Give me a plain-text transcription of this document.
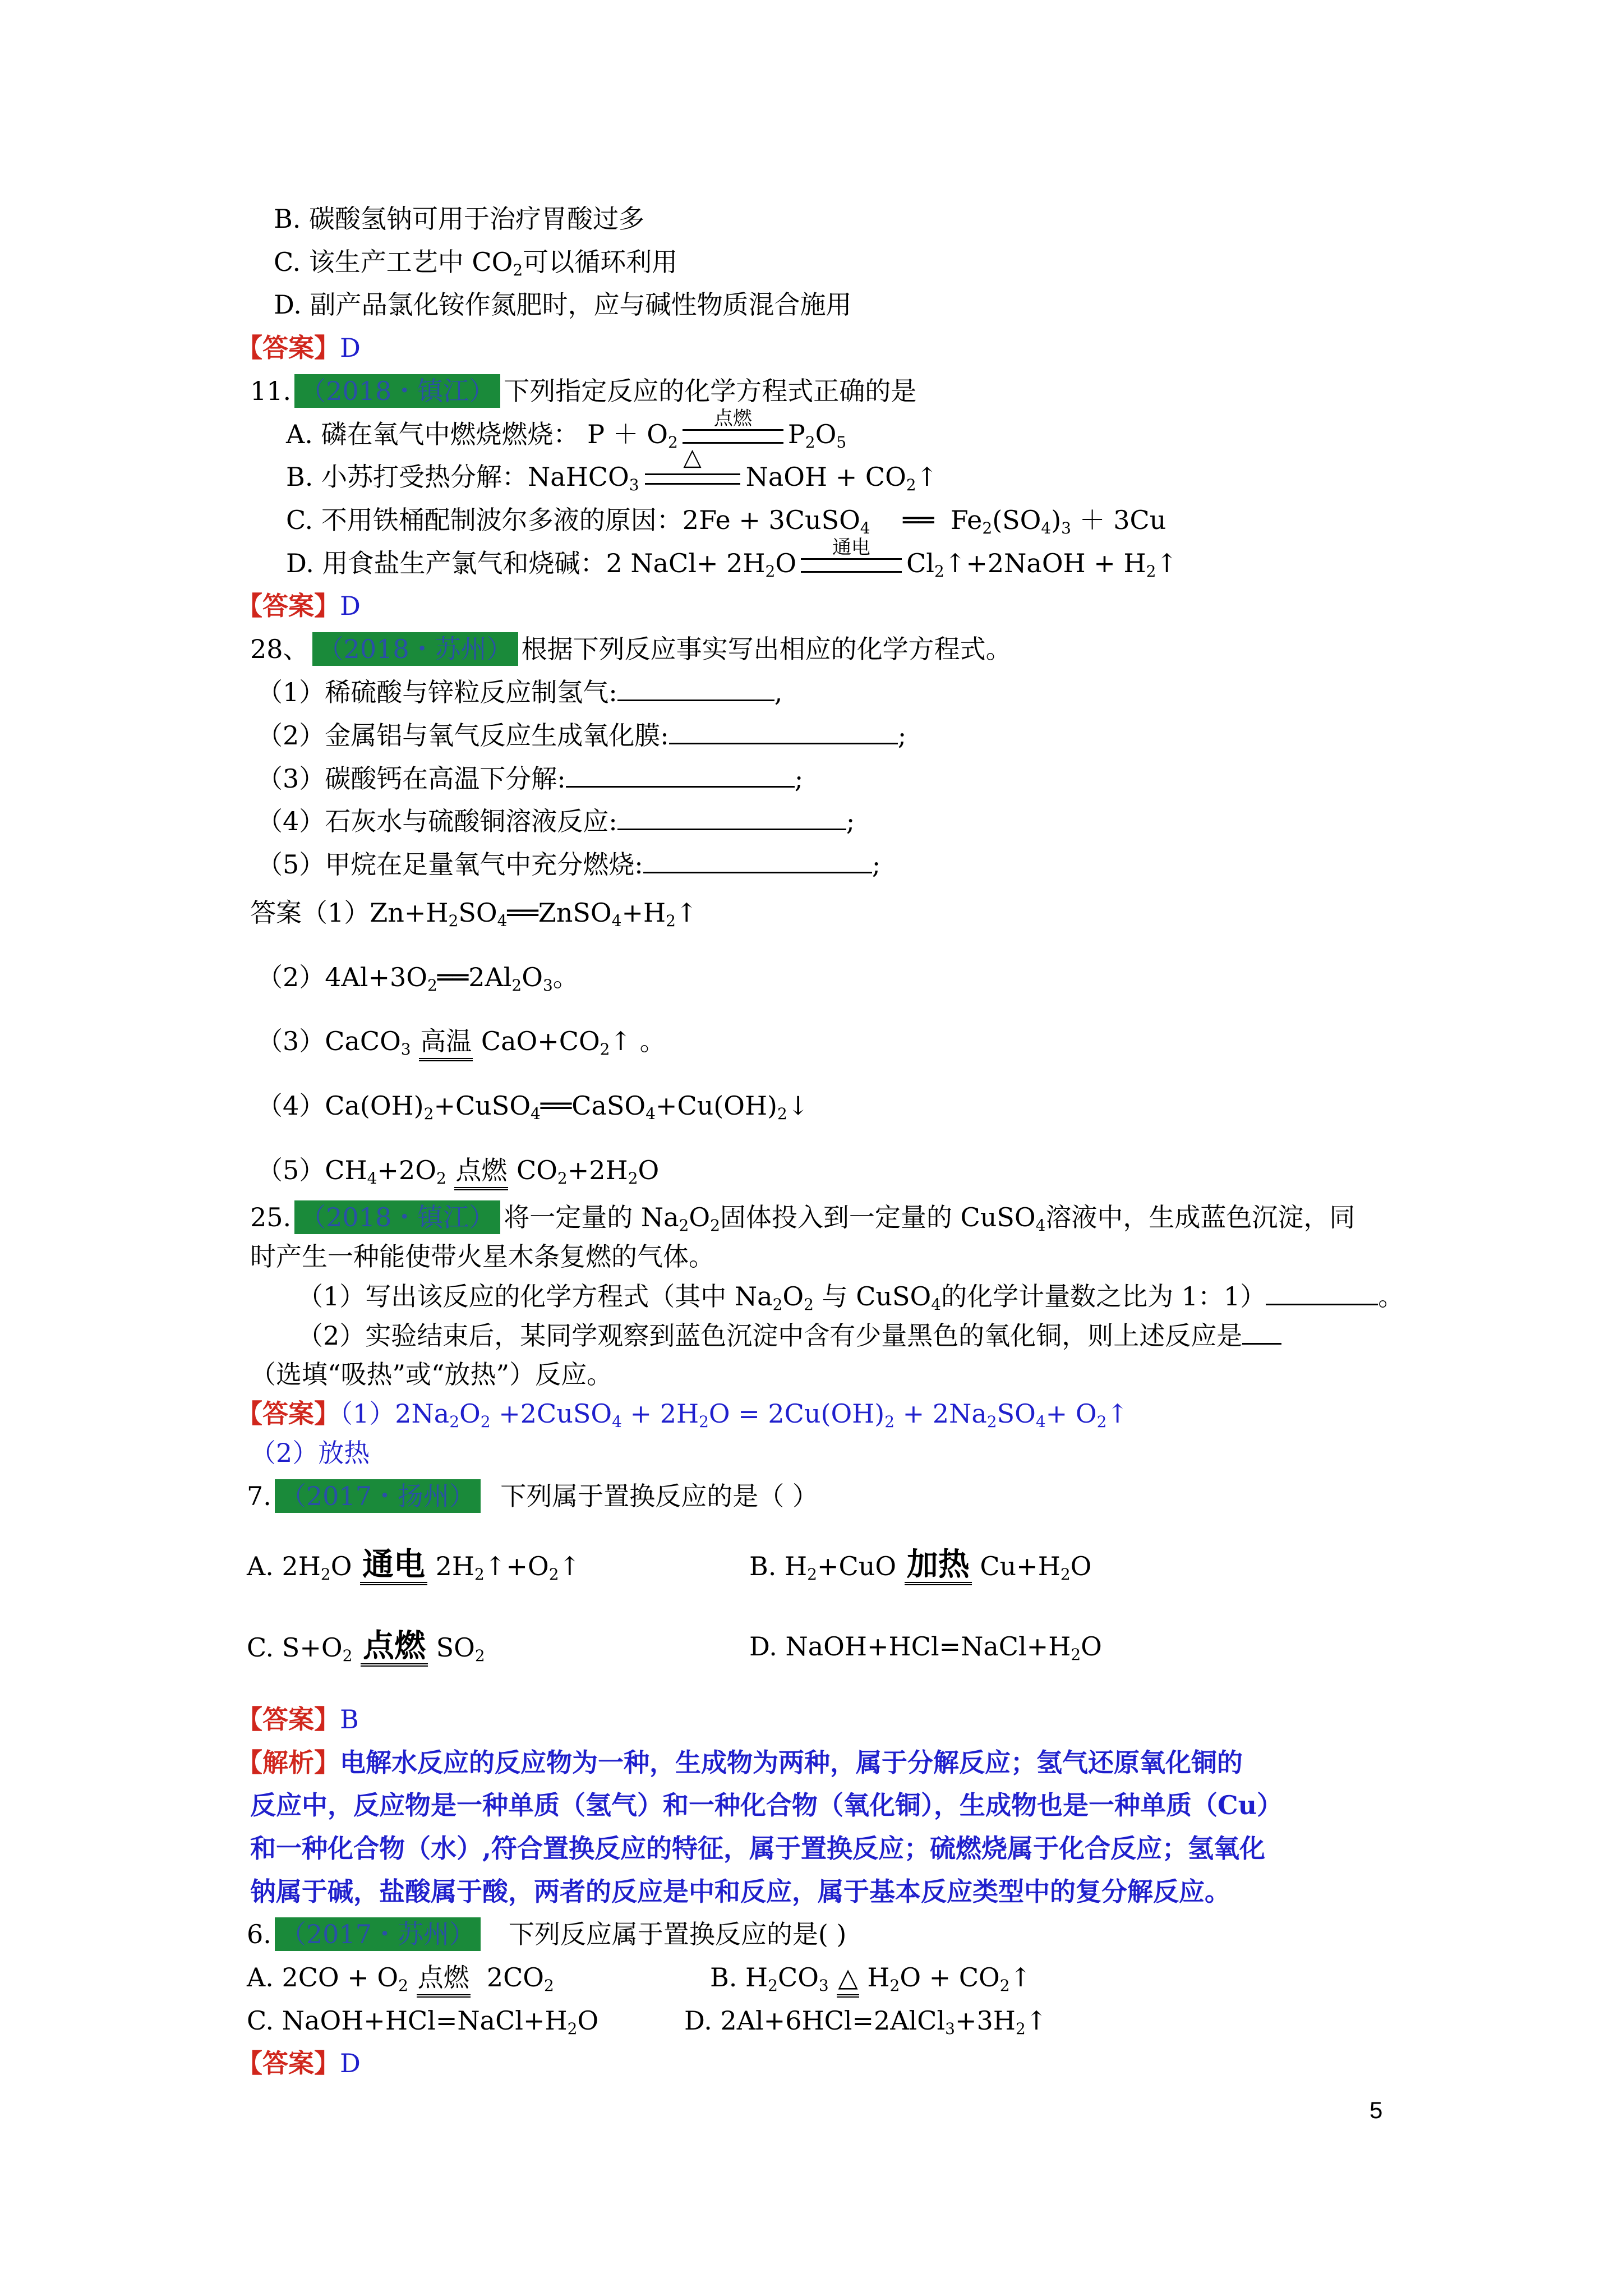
B. 碳酸氢钠可用于治疗胃酸过多
C. 该生产工艺中 $CO_2$可以循环利用
D. 副产品氯化铵作氮肥时，应与碱性物质混合施用
【答案】D
11. （2018・镇江） 下列指定反应的化学方程式正确的是
A. 磷在氧气中燃烧燃烧： $P + O_2$
点燃
$P_2O_5$
B. 小苏打受热分解：NaHCO$_3$
△
NaOH + $CO_2↑$
C. 不用铁桶配制波尔多液的原因：2Fe + 3CuSO$_4$    ══  $Fe_2(SO_4)_3 + 3Cu$
D. 用食盐生产氯气和烧碱：2 NaCl+ $2H_2O$
通电
$Cl_2↑+2NaOH$ + $H_2↑$
【答案】D
28、 （2018・苏州） 根据下列反应事实写出相应的化学方程式。
（1）稀硫酸与锌粒反应制氢气:	,
（2）金属铝与氧气反应生成氧化膜:	;
（3）碳酸钙在高温下分解:	;
（4）石灰水与硫酸铜溶液反应:	;
（5）甲烷在足量氧气中充分燃烧:	;
答案$(1)Zn+H_2SO_4══ZnSO_4+H_2↑$
$(2)4Al+3O_2══2Al_2O_3$。
（3）CaCO$_3$ 高温 $CaO+CO_2↑$ 。
$(4)Ca(OH)_2+CuSO_4══CaSO_4+Cu(OH)_2↓$
$(5)CH_4+2O_2$ 点燃 $CO_2+2H_2O$
25. （2018・镇江） 将一定量的 $Na_2O_2$固体投入到一定量的 CuSO$_4$溶液中，生成蓝色沉淀，同
时产生一种能使带火星木条复燃的气体。
（1）写出该反应的化学方程式（其中 $Na_2O_2$ 与 CuSO$_4$的化学计量数之比为 1：1）	。
（2）实验结束后，某同学观察到蓝色沉淀中含有少量黑色的氧化铜，则上述反应是
（选填“吸热”或“放热”）反应。
【答案】$(1)2Na_2O_2$ +2CuSO$_4$ + $2H_2O = 2Cu(OH)_2 + 2Na_2SO_4+$ $O_2↑$
（2）放热
7. （2017・扬州） 下列属于置换反应的是（ ）
A. $2H_2O$ 通电 $2H_2↑+O_2↑$	B. $H_2+CuO$ 加热 $Cu+H_2O$
C. $S+O_2$ 点燃 $SO_2$	D. $NaOH+HCl=NaCl+H_2O$
【答案】B
【解析】电解水反应的反应物为一种，生成物为两种，属于分解反应；氢气还原氧化铜的
反应中，反应物是一种单质（氢气）和一种化合物（氧化铜），生成物也是一种单质（Cu）
和一种化合物（水）,符合置换反应的特征，属于置换反应；硫燃烧属于化合反应；氢氧化
钠属于碱，盐酸属于酸，两者的反应是中和反应，属于基本反应类型中的复分解反应。
6. （2017・苏州） 下列反应属于置换反应的是( )
A. $2CO + O_2$ 点燃  $2CO_2$	B. $H_2CO_3$ △ $H_2O$ + $CO_2↑$
C. $NaOH+HCl=NaCl+H_2O$	D. $2Al+6HCl=2AlCl_3+3H_2↑$
【答案】D
5
